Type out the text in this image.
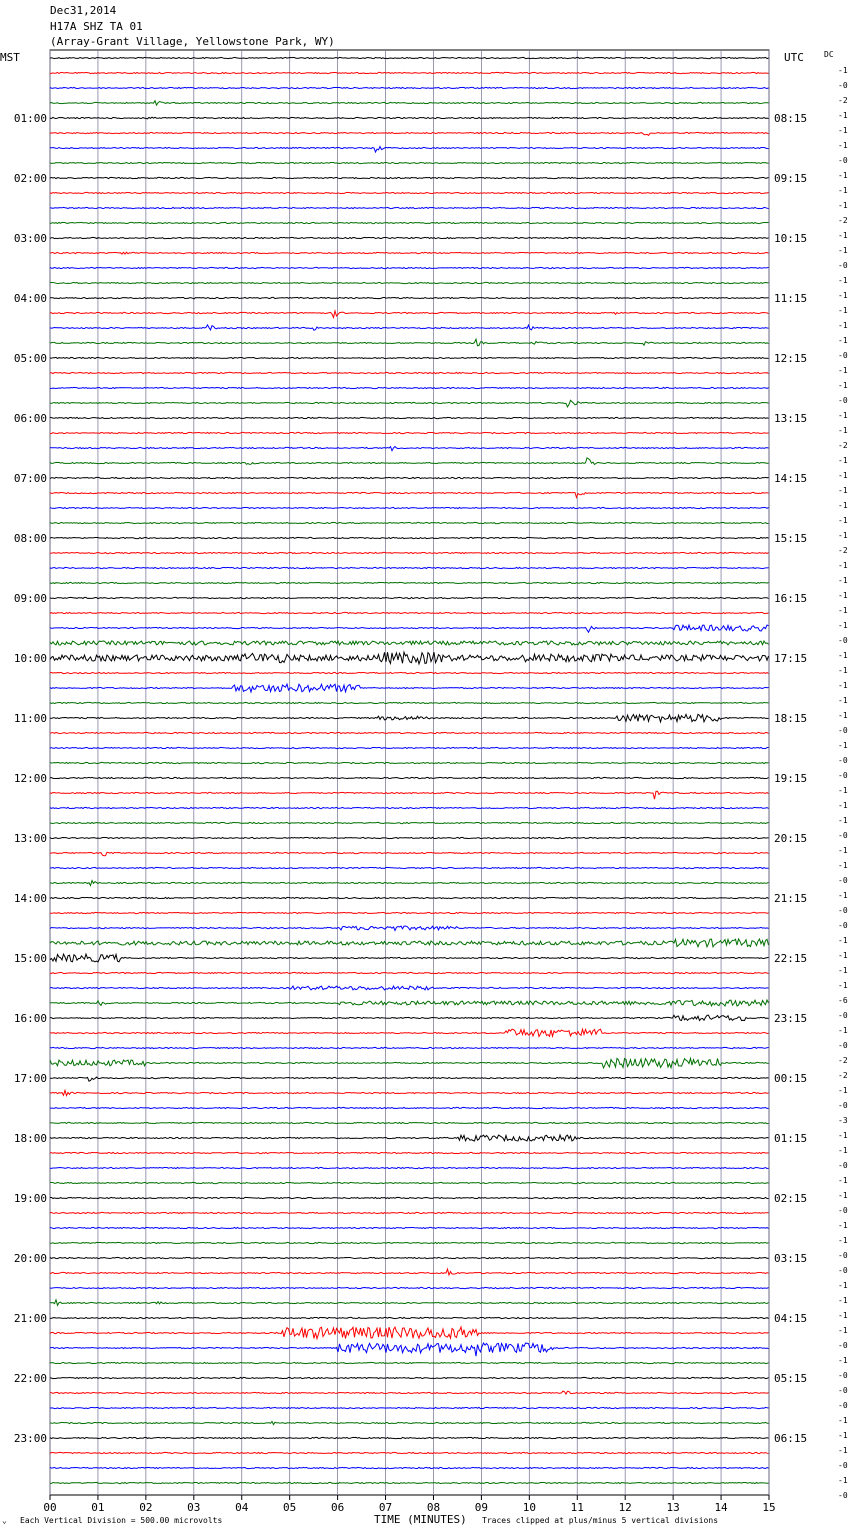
Dec31,2014
H17A SHZ TA 01
(Array-Grant Village, Yellowstone Park, WY)
MST	UTC	DC
-1
-0
-2
-1
-1
01:00	08:15
-1
-0
-1
-1
02:00	09:15
-1
-2
-1
-1
03:00	10:15
-0
-1
-1
-1
04:00	11:15
-1
-1
-0
-1
05:00	12:15
-1
-0
-1
-1
06:00	13:15
-2
-1
-1
-1
07:00	14:15
-1
-1
-1
-2
08:00	15:15
-1
-1
-1
-1
09:00	16:15
-1
-0
-1
-1
10:00	17:15
-1
-1
-1
-0
11:00	18:15
-1
-0
-0
-1
12:00	19:15
-1
-1
-0
-1
13:00	20:15
-1
-0
-1
-0
14:00	21:15
-0
-1
-1
-1
15:00	22:15
-1
-6
-0
-1
16:00	23:15
-0
-2
-2
-1
17:00	00:15
-0
-3
-1
-1
18:00	01:15
-0
-1
-1
-0
19:00	02:15
-1
-1
-0
-0
20:00	03:15
-1
-1
-1
-1
21:00	04:15
-0
-1
-0
-0
22:00	05:15
-0
-1
-1
-1
23:00	06:15
-0
-1
-0
00	01	02	03	04	05	06	07	08	09	10	11	12	13	14	15
⌄ Each Vertical Division = 500.00 microvolts	TIME (MINUTES) Traces clipped at plus/minus 5 vertical divisions
